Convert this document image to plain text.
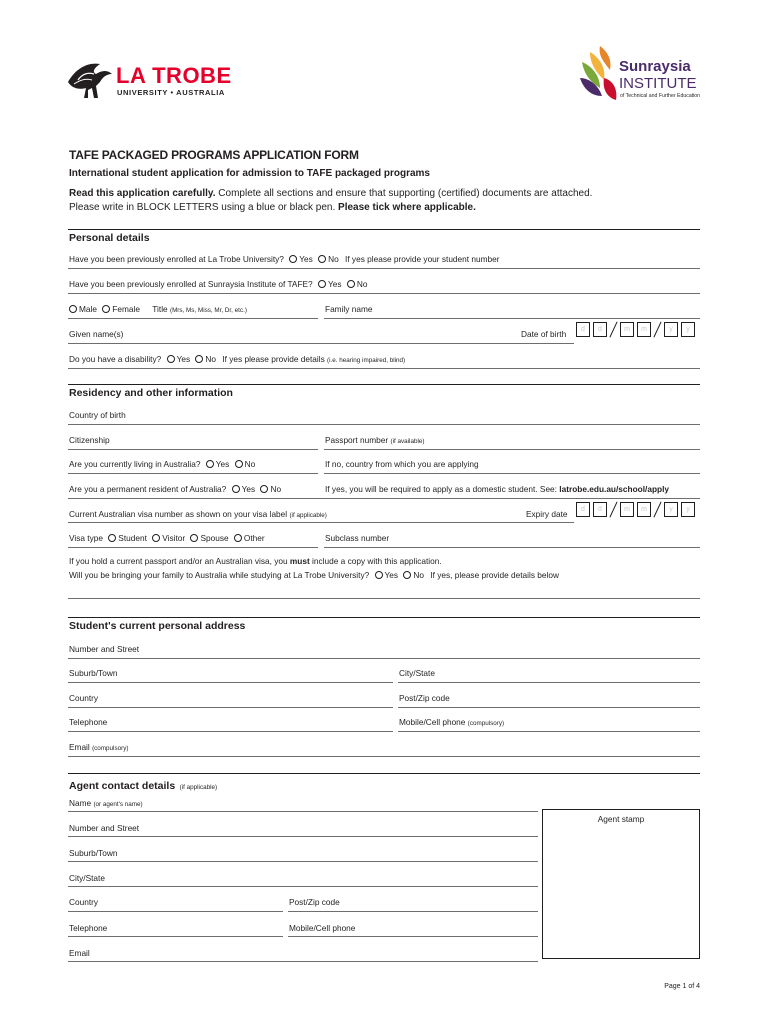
LA TROBE
UNIVERSITY • AUSTRALIA
Sunraysia
INSTITUTE
of Technical and Further Education
TAFE PACKAGED PROGRAMS APPLICATION FORM
International student application for admission to TAFE packaged programs
Read this application carefully. Complete all sections and ensure that supporting (certified) documents are attached.
Please write in BLOCK LETTERS using a blue or black pen. Please tick where applicable.
Personal details
Have you been previously enrolled at La Trobe University? Yes No If yes please provide your student number
Have you been previously enrolled at Sunraysia Institute of TAFE? Yes No
Male Female Title (Mrs, Ms, Miss, Mr, Dr, etc.)	Family name
Given name(s)	Date of birth	d d	m m	y y
Do you have a disability? Yes No If yes please provide details (i.e. hearing impaired, blind)
Residency and other information
Country of birth
Citizenship	Passport number (if available)
Are you currently living in Australia? Yes No	If no, country from which you are applying
Are you a permanent resident of Australia? Yes No	If yes, you will be required to apply as a domestic student. See: latrobe.edu.au/school/apply
Current Australian visa number as shown on your visa label (if applicable)	Expiry date	d d	m m	y y
Visa type Student Visitor Spouse Other	Subclass number
If you hold a current passport and/or an Australian visa, you must include a copy with this application.
Will you be bringing your family to Australia while studying at La Trobe University? Yes No If yes, please provide details below
Student's current personal address
Number and Street
Suburb/Town	City/State
Country	Post/Zip code
Telephone	Mobile/Cell phone (compulsory)
Email (compulsory)
Agent contact details (if applicable)
Name (or agent's name)
Agent stamp
Number and Street
Suburb/Town
City/State
Country	Post/Zip code
Telephone	Mobile/Cell phone
Email
Page 1 of 4
